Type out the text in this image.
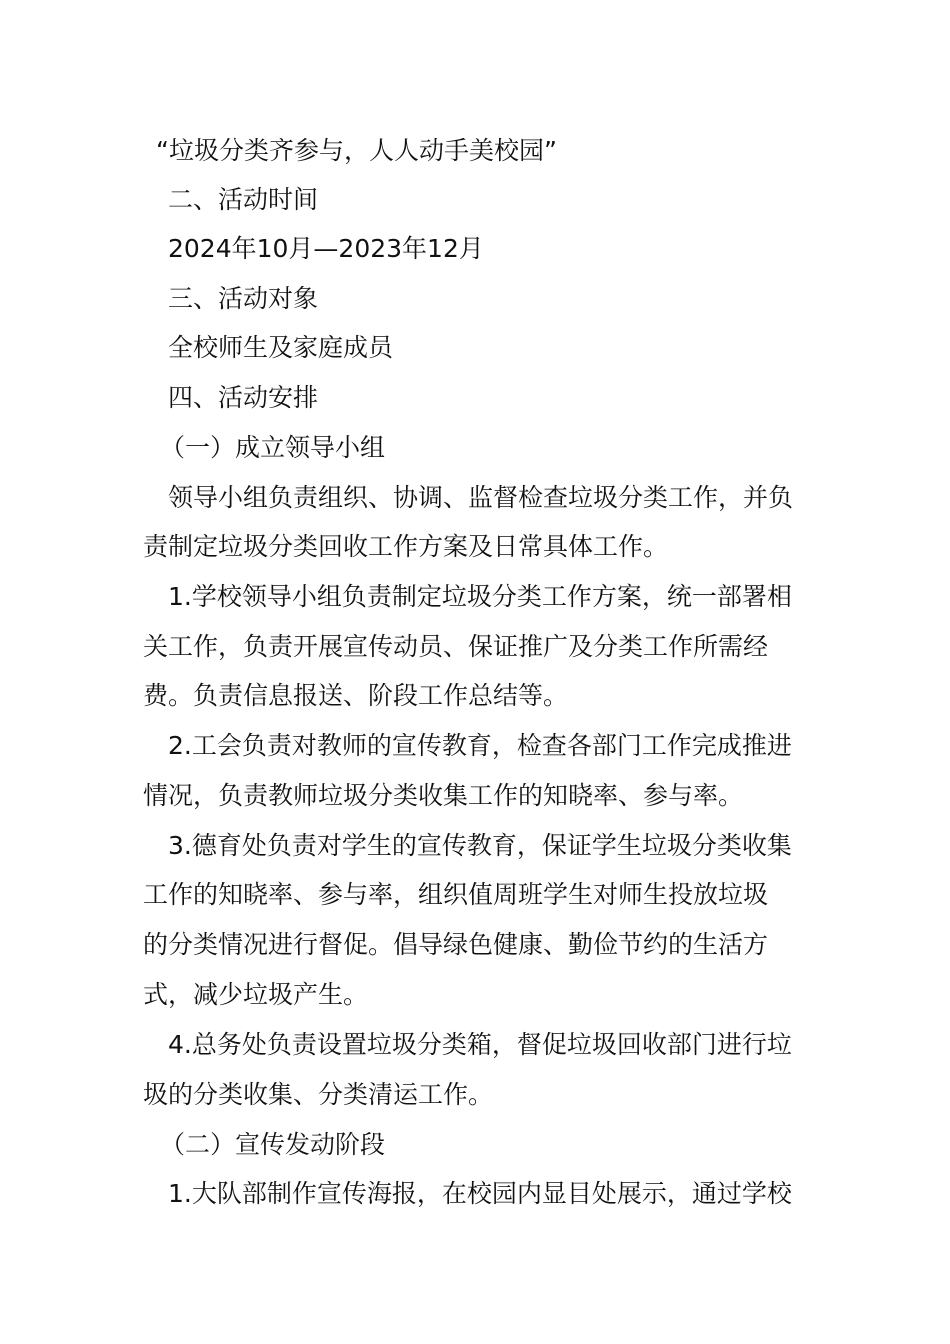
“垃圾分类齐参与，人人动手美校园”
二、活动时间
2024年10月—2023年12月
三、活动对象
全校师生及家庭成员
四、活动安排
（一）成立领导小组
领导小组负责组织、协调、监督检查垃圾分类工作，并负
责制定垃圾分类回收工作方案及日常具体工作。
1.学校领导小组负责制定垃圾分类工作方案，统一部署相
关工作，负责开展宣传动员、保证推广及分类工作所需经
费。负责信息报送、阶段工作总结等。
2.工会负责对教师的宣传教育，检查各部门工作完成推进
情况，负责教师垃圾分类收集工作的知晓率、参与率。
3.德育处负责对学生的宣传教育，保证学生垃圾分类收集
工作的知晓率、参与率，组织值周班学生对师生投放垃圾
的分类情况进行督促。倡导绿色健康、勤俭节约的生活方
式，减少垃圾产生。
4.总务处负责设置垃圾分类箱，督促垃圾回收部门进行垃
圾的分类收集、分类清运工作。
（二）宣传发动阶段
1.大队部制作宣传海报，在校园内显目处展示，通过学校
